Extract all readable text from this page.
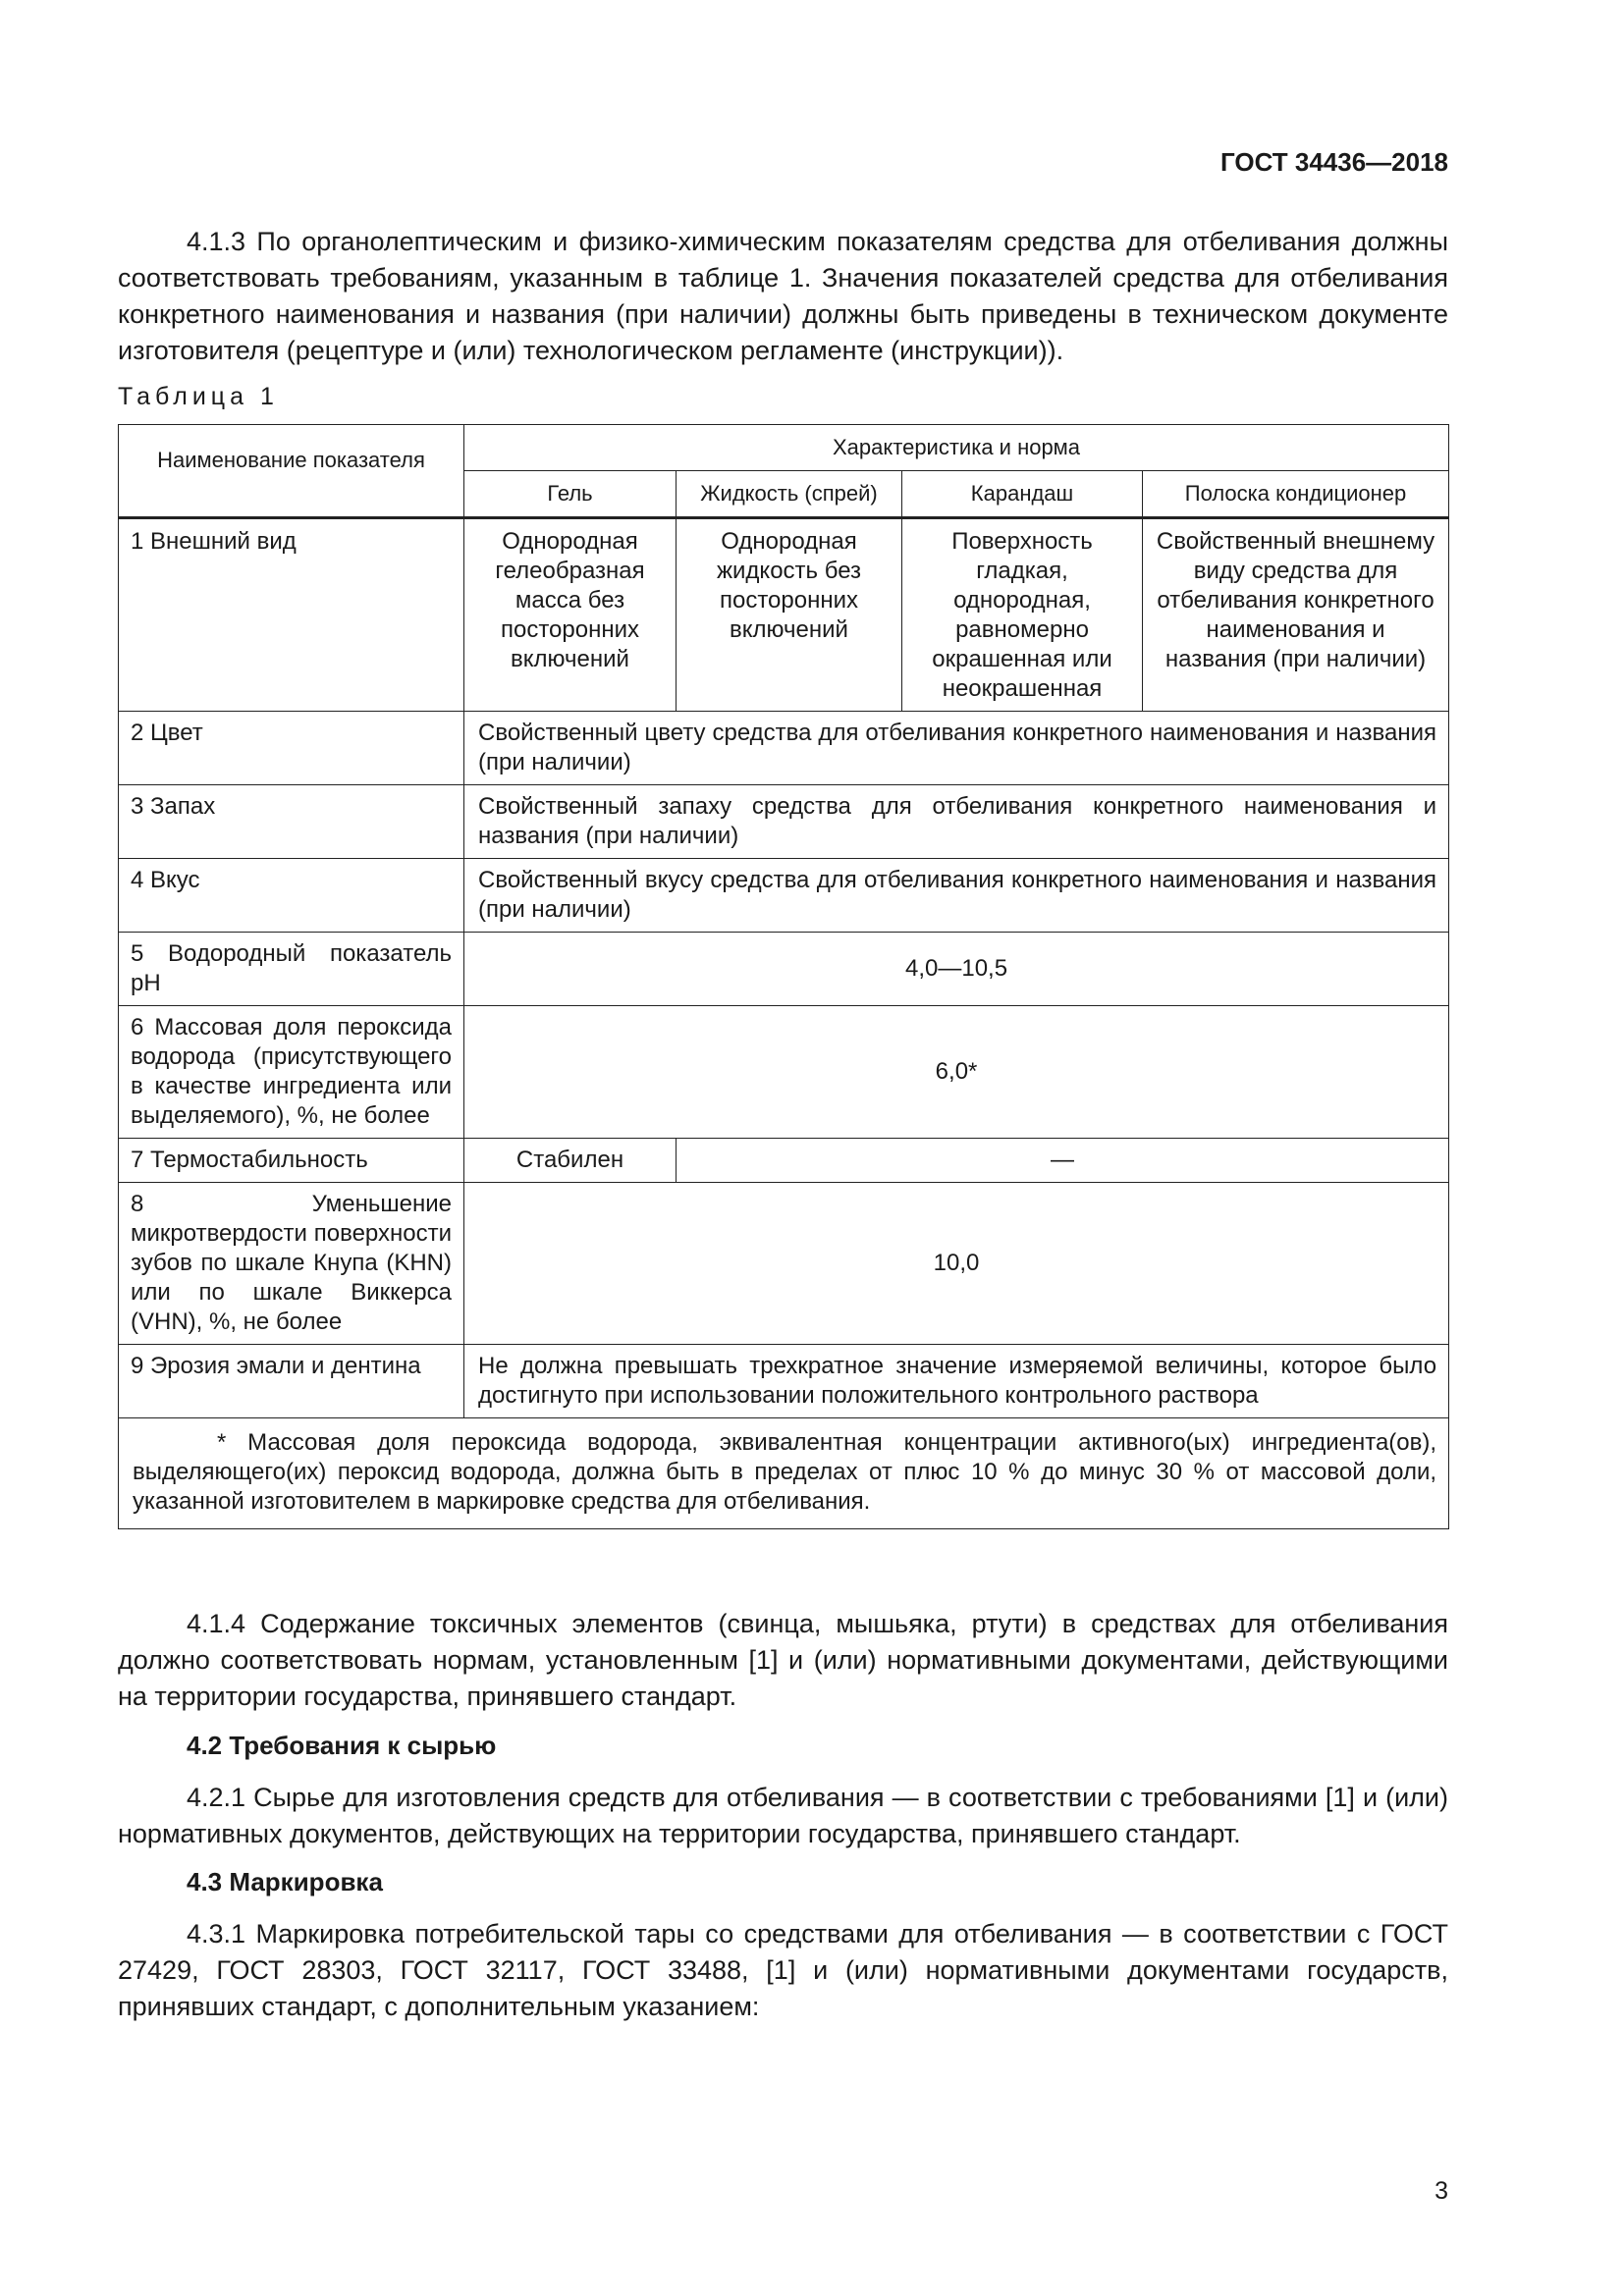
ГОСТ 34436—2018
4.1.3 По органолептическим и физико-химическим показателям средства для отбеливания должны соответствовать требованиям, указанным в таблице 1. Значения показателей средства для отбеливания конкретного наименования и названия (при наличии) должны быть приведены в техническом документе изготовителя (рецептуре и (или) технологическом регламенте (инструкции)).
Таблица 1
Наименование показателя	Характеристика и норма			
	Гель	Жидкость (спрей)	Карандаш	Полоска кондиционер
1 Внешний вид	Однородная гелеобразная масса без посторонних включений	Однородная жидкость без посторонних включений	Поверхность гладкая, однородная, равномерно окрашенная или неокрашенная	Свойственный внешнему виду средства для отбеливания конкретного наименования и названия (при наличии)
2 Цвет	Свойственный цвету средства для отбеливания конкретного наименования и названия (при наличии)			
3 Запах	Свойственный запаху средства для отбеливания конкретного наименования и названия (при наличии)			
4 Вкус	Свойственный вкусу средства для отбеливания конкретного наименования и названия (при наличии)			
5 Водородный показатель pH	4,0—10,5			
6 Массовая доля пероксида водорода (присутствующего в качестве ингредиента или выделяемого), %, не более	6,0*			
7 Термостабильность	Стабилен	—		
8 Уменьшение микротвердости поверхности зубов по шкале Кнупа (KHN) или по шкале Виккерса (VHN), %, не более	10,0			
9 Эрозия эмали и дентина	Не должна превышать трехкратное значение измеряемой величины, которое было достигнуто при использовании положительного контрольного раствора			
* Массовая доля пероксида водорода, эквивалентная концентрации активного(ых) ингредиента(ов), выделяющего(их) пероксид водорода, должна быть в пределах от плюс 10 % до минус 30 % от массовой доли, указанной изготовителем в маркировке средства для отбеливания.				
4.1.4 Содержание токсичных элементов (свинца, мышьяка, ртути) в средствах для отбеливания должно соответствовать нормам, установленным [1] и (или) нормативными документами, действующими на территории государства, принявшего стандарт.
4.2 Требования к сырью
4.2.1 Сырье для изготовления средств для отбеливания — в соответствии с требованиями [1] и (или) нормативных документов, действующих на территории государства, принявшего стандарт.
4.3 Маркировка
4.3.1 Маркировка потребительской тары со средствами для отбеливания — в соответствии с ГОСТ 27429, ГОСТ 28303, ГОСТ 32117, ГОСТ 33488, [1] и (или) нормативными документами государств, принявших стандарт, с дополнительным указанием:
3
